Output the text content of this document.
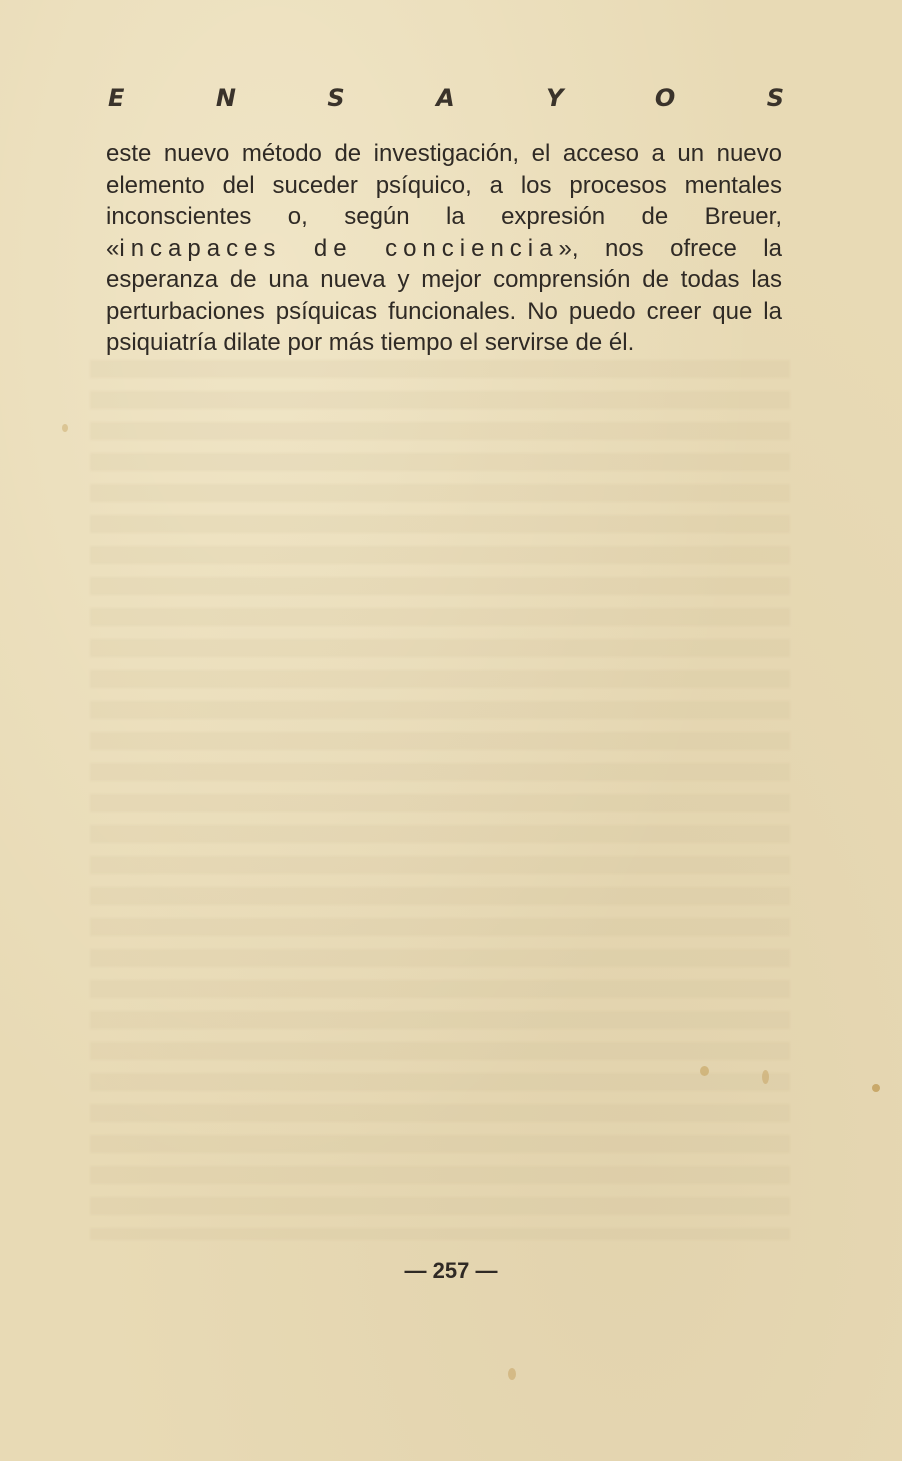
E	N	S	A	Y	O	S

este nuevo método de investigación, el acceso a un nuevo elemento del suceder psíquico, a los procesos mentales inconscientes o, según la expresión de Breuer, «incapaces de conciencia», nos ofrece la esperanza de una nueva y mejor comprensión de todas las perturbaciones psíquicas funcionales. No puedo creer que la psiquiatría dilate por más tiempo el servirse de él.

— 257 —
